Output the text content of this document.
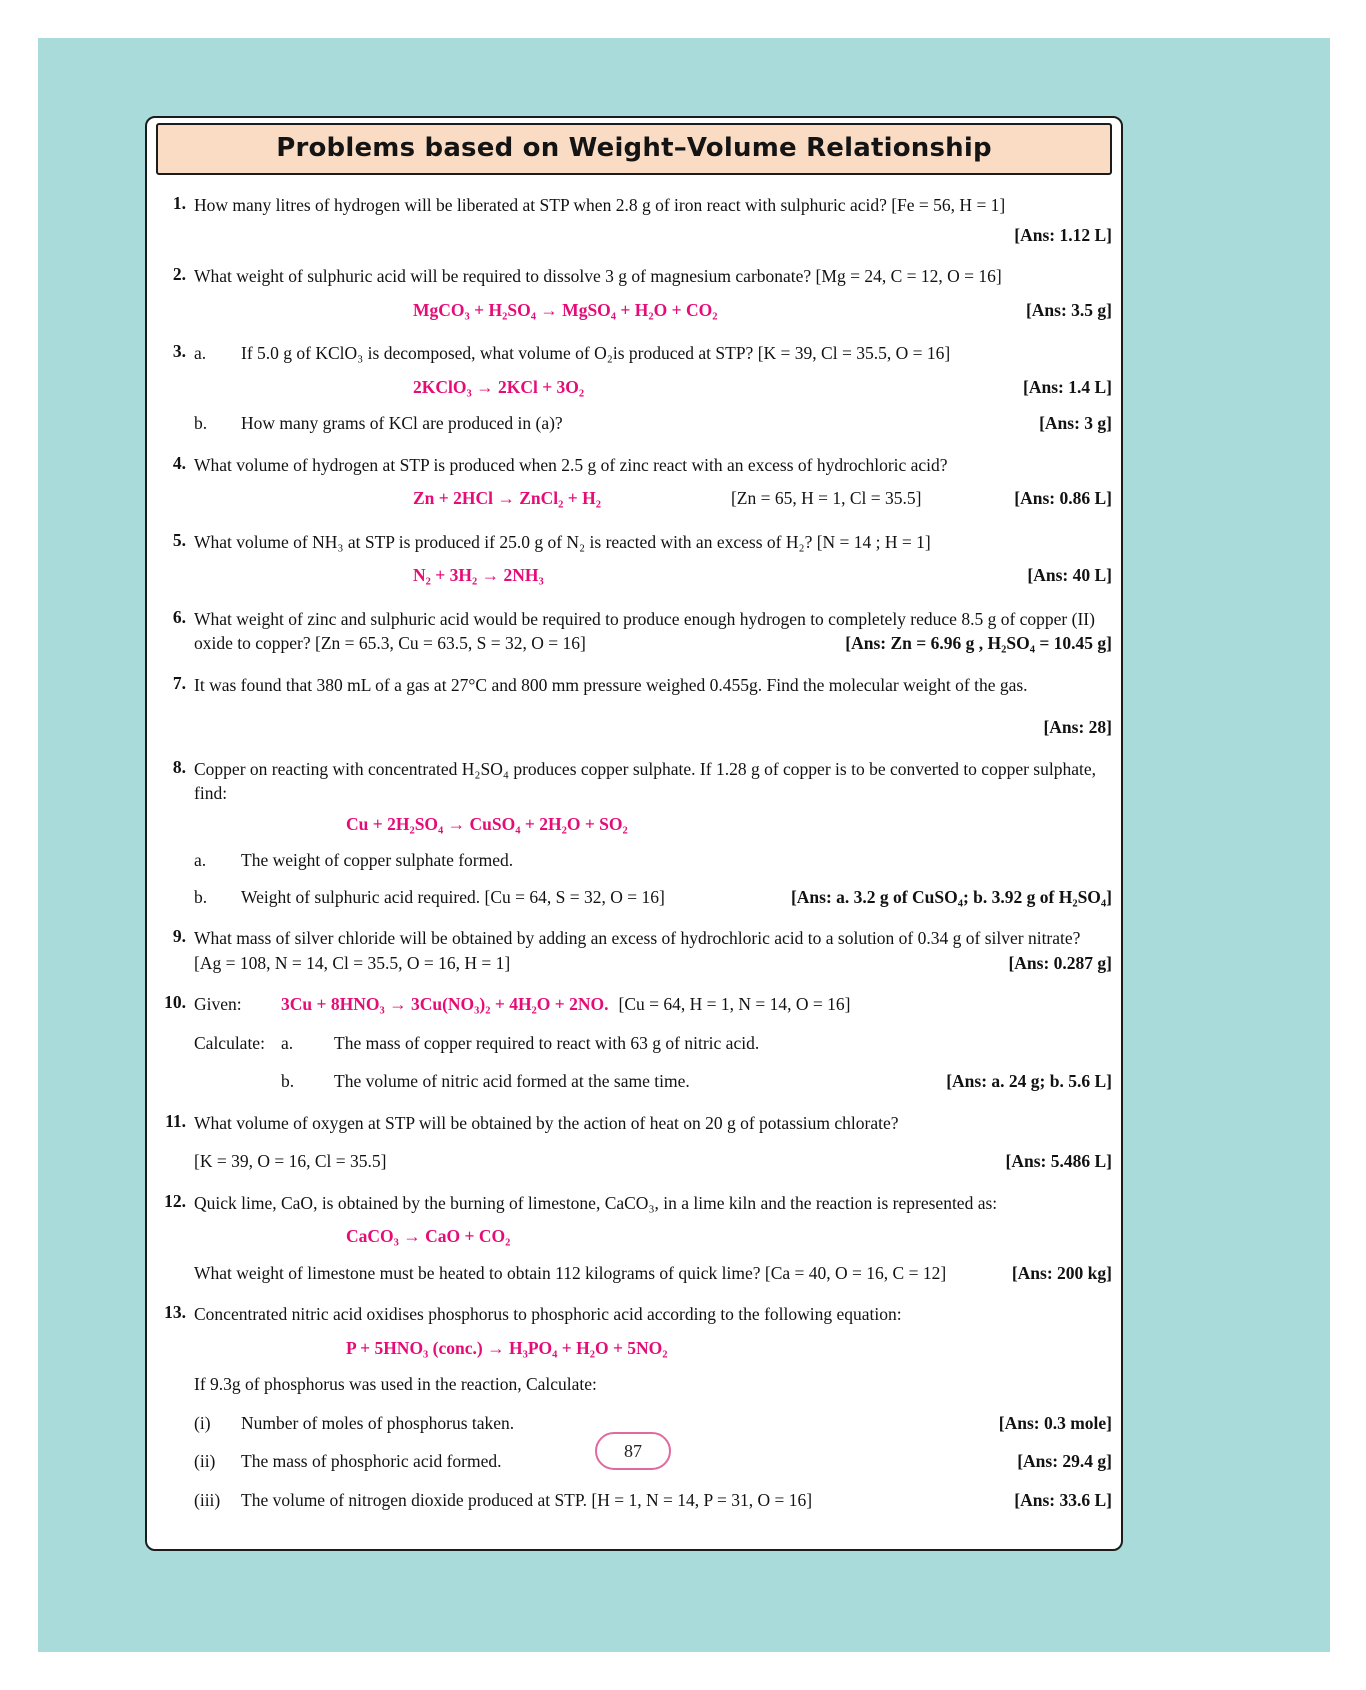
Problems based on Weight–Volume Relationship
1. How many litres of hydrogen will be liberated at STP when 2.8 g of iron react with sulphuric acid? [Fe = 56, H = 1]
[Ans: 1.12 L]
2. What weight of sulphuric acid will be required to dissolve 3 g of magnesium carbonate? [Mg = 24, C = 12, O = 16]
MgCO₃ + H₂SO₄ → MgSO₄ + H₂O + CO₂	[Ans: 3.5 g]
3. a.	If 5.0 g of KClO₃ is decomposed, what volume of O₂is produced at STP? [K = 39, Cl = 35.5, O = 16]
2KClO₃ → 2KCl + 3O₂	[Ans: 1.4 L]
b.	How many grams of KCl are produced in (a)?	[Ans: 3 g]
4. What volume of hydrogen at STP is produced when 2.5 g of zinc react with an excess of hydrochloric acid?
Zn + 2HCl → ZnCl₂ + H₂	[Zn = 65, H = 1, Cl = 35.5]	[Ans: 0.86 L]
5. What volume of NH₃ at STP is produced if 25.0 g of N₂ is reacted with an excess of H₂? [N = 14 ; H = 1]
N₂ + 3H₂ → 2NH₃	[Ans: 40 L]
6. What weight of zinc and sulphuric acid would be required to produce enough hydrogen to completely reduce 8.5 g of copper (II) oxide to copper? [Zn = 65.3, Cu = 63.5, S = 32, O = 16]	[Ans: Zn = 6.96 g , H₂SO₄ = 10.45 g]
7. It was found that 380 mL of a gas at 27°C and 800 mm pressure weighed 0.455g. Find the molecular weight of the gas.
[Ans: 28]
8. Copper on reacting with concentrated H₂SO₄ produces copper sulphate. If 1.28 g of copper is to be converted to copper sulphate, find:
Cu + 2H₂SO₄ → CuSO₄ + 2H₂O + SO₂
a.	The weight of copper sulphate formed.
b.	Weight of sulphuric acid required. [Cu = 64, S = 32, O = 16]	[Ans: a. 3.2 g of CuSO₄; b. 3.92 g of H₂SO₄]
9. What mass of silver chloride will be obtained by adding an excess of hydrochloric acid to a solution of 0.34 g of silver nitrate?
[Ag = 108, N = 14, Cl = 35.5, O = 16, H = 1]	[Ans: 0.287 g]
10. Given:	3Cu + 8HNO₃ → 3Cu(NO₃)₂ + 4H₂O + 2NO. [Cu = 64, H = 1, N = 14, O = 16]
Calculate: a.	The mass of copper required to react with 63 g of nitric acid.
b.	The volume of nitric acid formed at the same time.	[Ans: a. 24 g; b. 5.6 L]
11. What volume of oxygen at STP will be obtained by the action of heat on 20 g of potassium chlorate?
[K = 39, O = 16, Cl = 35.5]	[Ans: 5.486 L]
12. Quick lime, CaO, is obtained by the burning of limestone, CaCO₃, in a lime kiln and the reaction is represented as:
CaCO₃ → CaO + CO₂
What weight of limestone must be heated to obtain 112 kilograms of quick lime? [Ca = 40, O = 16, C = 12]	[Ans: 200 kg]
13. Concentrated nitric acid oxidises phosphorus to phosphoric acid according to the following equation:
P + 5HNO₃ (conc.) → H₃PO₄ + H₂O + 5NO₂
If 9.3g of phosphorus was used in the reaction, Calculate:
(i)	Number of moles of phosphorus taken.	[Ans: 0.3 mole]
(ii)	The mass of phosphoric acid formed.	[Ans: 29.4 g]
(iii)	The volume of nitrogen dioxide produced at STP. [H = 1, N = 14, P = 31, O = 16]	[Ans: 33.6 L]
87
